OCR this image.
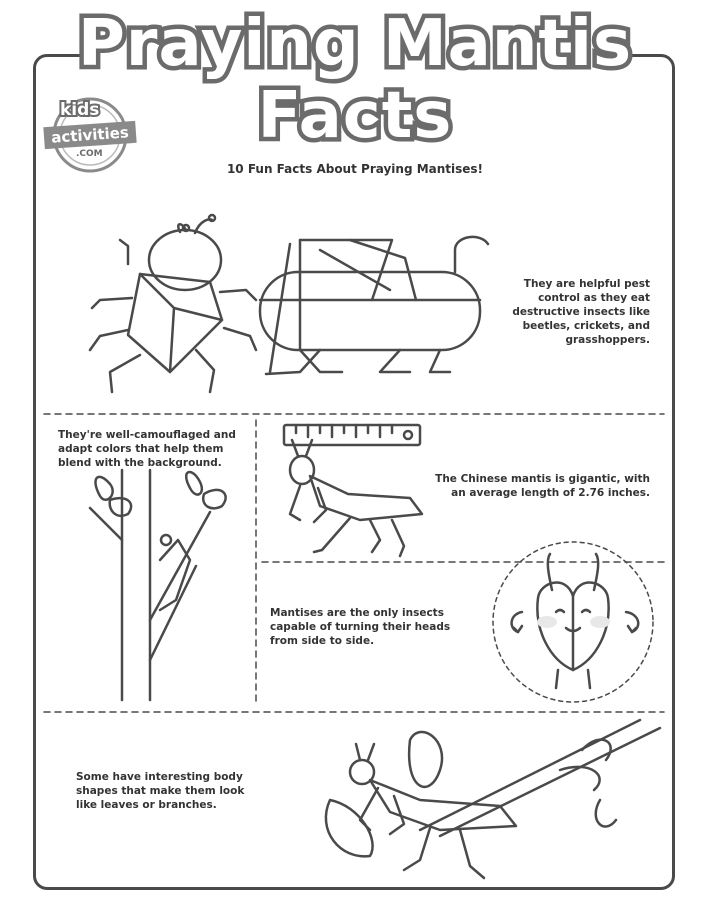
Praying Mantis
Facts
kids
activities
.COM
10 Fun Facts About Praying Mantises!
They are helpful pest control as they eat destructive insects like beetles, crickets, and grasshoppers.
They're well-camouflaged and adapt colors that help them blend with the background.
The Chinese mantis is gigantic, with an average length of 2.76 inches.
Mantises are the only insects capable of turning their heads from side to side.
Some have interesting body shapes that make them look like leaves or branches.
